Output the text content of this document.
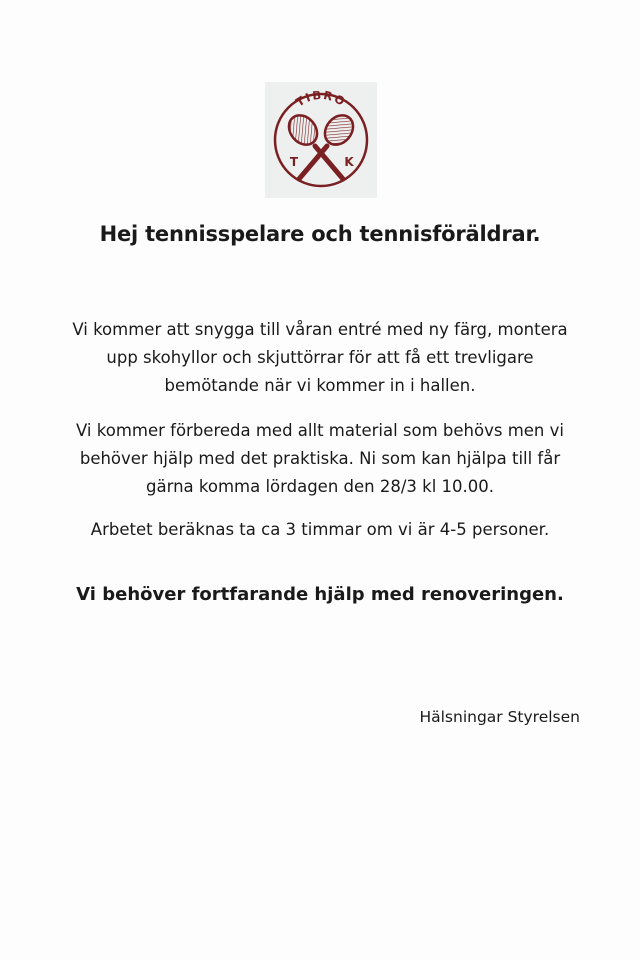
TIBRO
T	K
Hej tennisspelare och tennisföräldrar.

Vi kommer att snygga till våran entré med ny färg, montera
upp skohyllor och skjuttörrar för att få ett trevligare
bemötande när vi kommer in i hallen.

Vi kommer förbereda med allt material som behövs men vi
behöver hjälp med det praktiska. Ni som kan hjälpa till får
gärna komma lördagen den 28/3 kl 10.00.

Arbetet beräknas ta ca 3 timmar om vi är 4-5 personer.

Vi behöver fortfarande hjälp med renoveringen.

Hälsningar Styrelsen
